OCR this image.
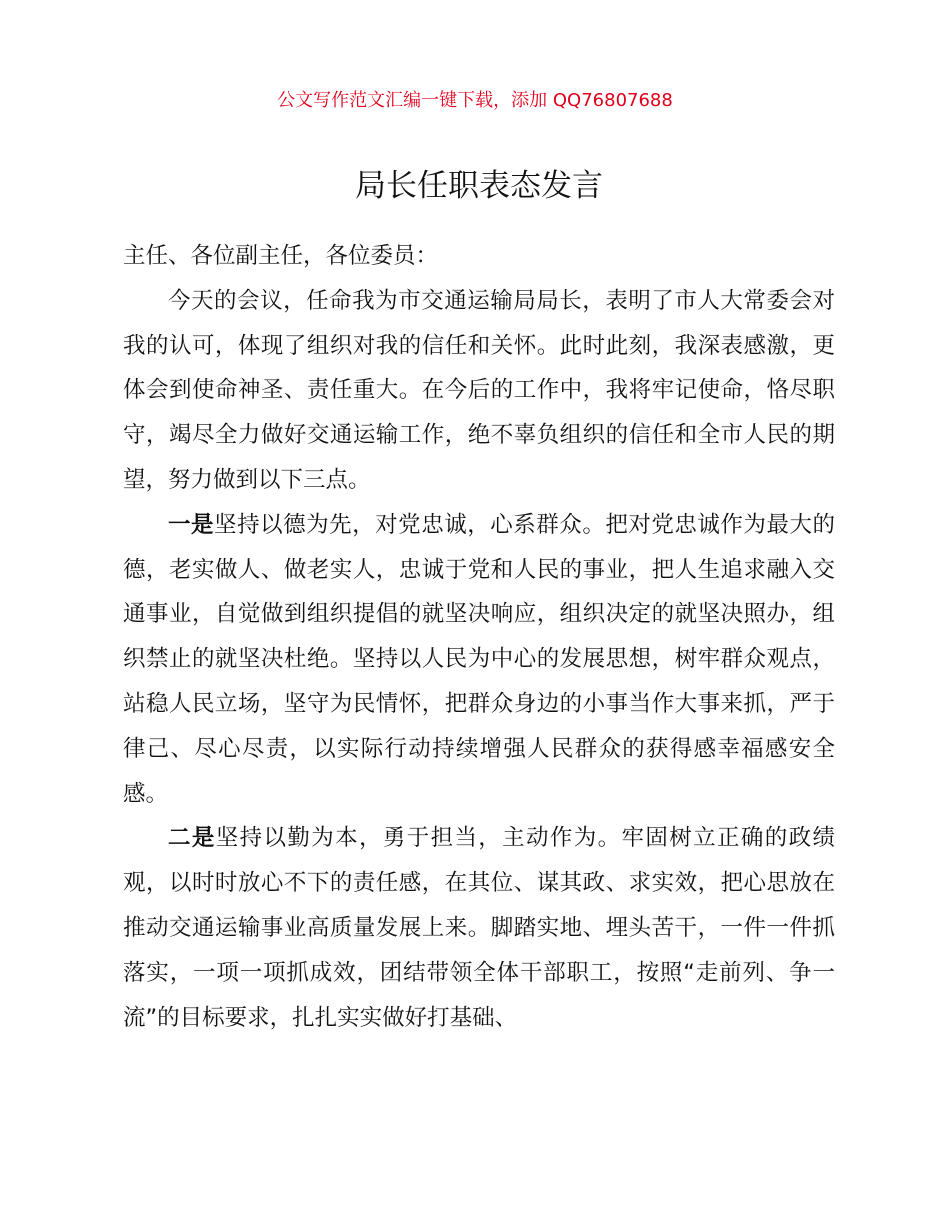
公文写作范文汇编一键下载，添加 QQ76807688
局长任职表态发言

主任、各位副主任，各位委员：

今天的会议，任命我为市交通运输局局长，表明了市人大常委会对我的认可，体现了组织对我的信任和关怀。此时此刻，我深表感激，更体会到使命神圣、责任重大。在今后的工作中，我将牢记使命，恪尽职守，竭尽全力做好交通运输工作，绝不辜负组织的信任和全市人民的期望，努力做到以下三点。

一是坚持以德为先，对党忠诚，心系群众。把对党忠诚作为最大的德，老实做人、做老实人，忠诚于党和人民的事业，把人生追求融入交通事业，自觉做到组织提倡的就坚决响应，组织决定的就坚决照办，组织禁止的就坚决杜绝。坚持以人民为中心的发展思想，树牢群众观点，站稳人民立场，坚守为民情怀，把群众身边的小事当作大事来抓，严于律己、尽心尽责，以实际行动持续增强人民群众的获得感幸福感安全感。

二是坚持以勤为本，勇于担当，主动作为。牢固树立正确的政绩观，以时时放心不下的责任感，在其位、谋其政、求实效，把心思放在推动交通运输事业高质量发展上来。脚踏实地、埋头苦干，一件一件抓落实，一项一项抓成效，团结带领全体干部职工，按照“走前列、争一流”的目标要求，扎扎实实做好打基础、
